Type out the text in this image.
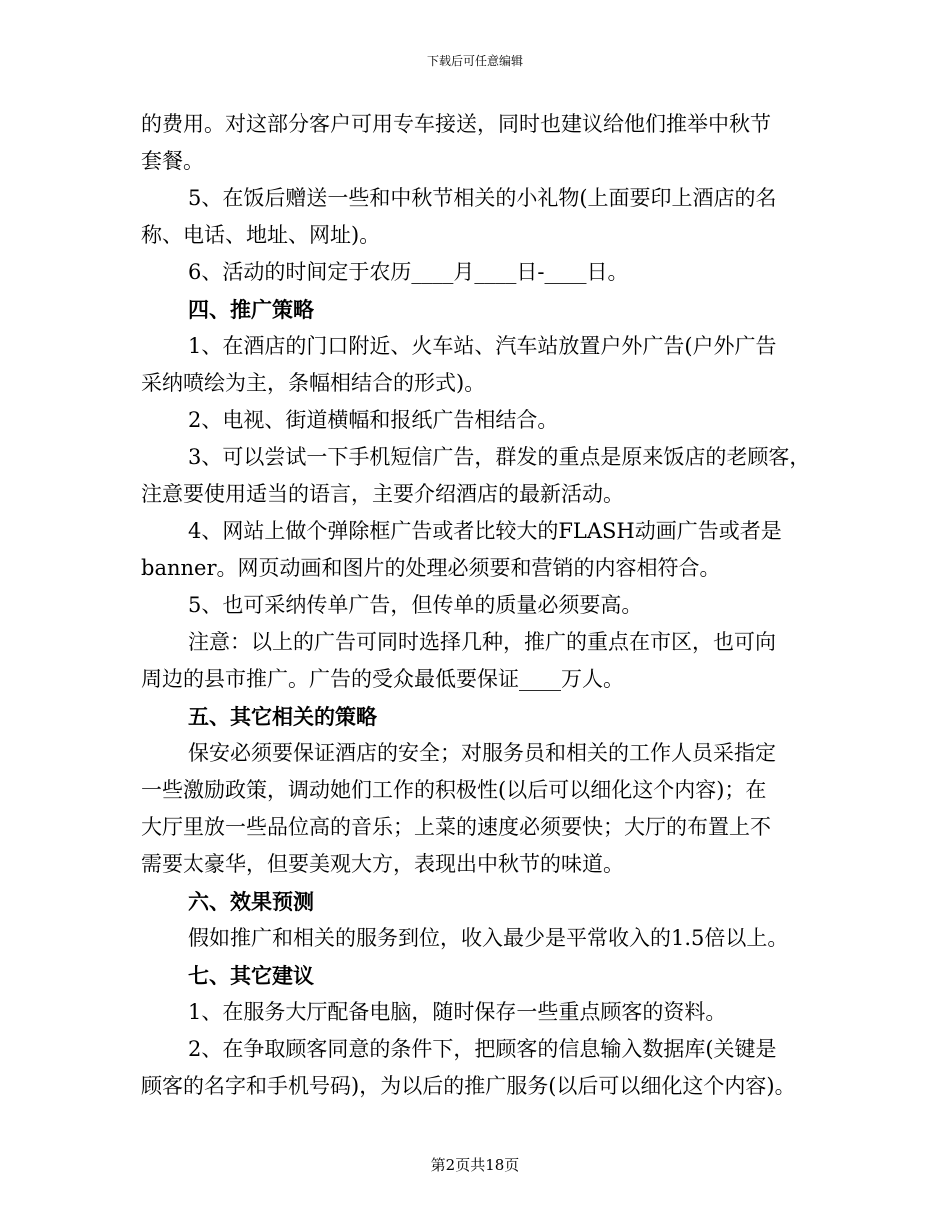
下载后可任意编辑
的费用。对这部分客户可用专车接送，同时也建议给他们推举中秋节
套餐。
5、在饭后赠送一些和中秋节相关的小礼物(上面要印上酒店的名
称、电话、地址、网址)。
6、活动的时间定于农历____月____日-____日。
四、推广策略
1、在酒店的门口附近、火车站、汽车站放置户外广告(户外广告
采纳喷绘为主，条幅相结合的形式)。
2、电视、街道横幅和报纸广告相结合。
3、可以尝试一下手机短信广告，群发的重点是原来饭店的老顾客，
注意要使用适当的语言，主要介绍酒店的最新活动。
4、网站上做个弹除框广告或者比较大的FLASH动画广告或者是
banner。网页动画和图片的处理必须要和营销的内容相符合。
5、也可采纳传单广告，但传单的质量必须要高。
注意：以上的广告可同时选择几种，推广的重点在市区，也可向
周边的县市推广。广告的受众最低要保证____万人。
五、其它相关的策略
保安必须要保证酒店的安全；对服务员和相关的工作人员采指定
一些激励政策，调动她们工作的积极性(以后可以细化这个内容)；在
大厅里放一些品位高的音乐；上菜的速度必须要快；大厅的布置上不
需要太豪华，但要美观大方，表现出中秋节的味道。
六、效果预测
假如推广和相关的服务到位，收入最少是平常收入的1.5倍以上。
七、其它建议
1、在服务大厅配备电脑，随时保存一些重点顾客的资料。
2、在争取顾客同意的条件下，把顾客的信息输入数据库(关键是
顾客的名字和手机号码)，为以后的推广服务(以后可以细化这个内容)。
第2页共18页
